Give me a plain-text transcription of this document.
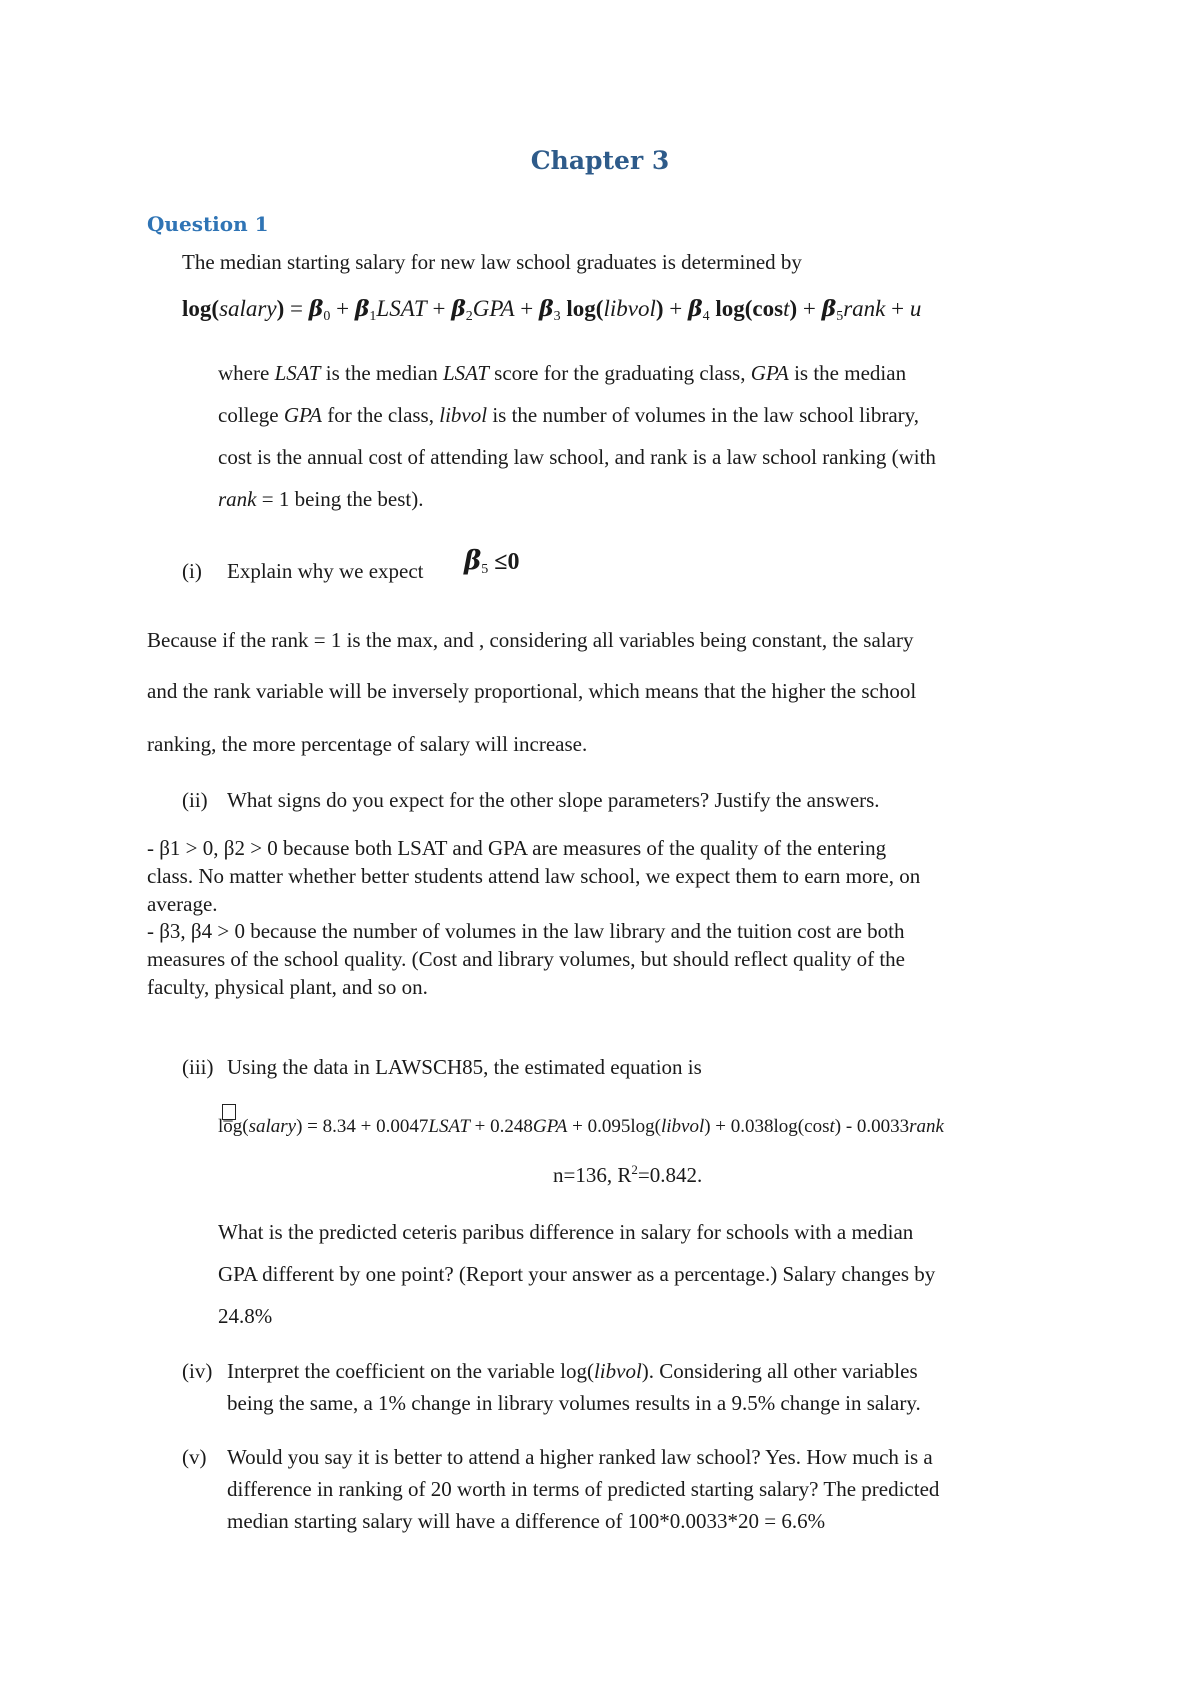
Chapter 3
Question 1
The median starting salary for new law school graduates is determined by
log(salary) = $\beta_0$ + $\beta_1LSAT + \beta_2GPA + \beta_3$ log(libvol) + $\beta_4$ $\log(\cos t) + \beta_5rank + u$
where LSAT is the median LSAT score for the graduating class, GPA is the median
college GPA for the class, libvol is the number of volumes in the law school library,
cost is the annual cost of attending law school, and rank is a law school ranking (with
rank = 1 being the best).
(i) Explain why we expect $\beta_5 \le 0$
Because if the rank = 1 is the max, and , considering all variables being constant, the salary
and the rank variable will be inversely proportional, which means that the higher the school
ranking, the more percentage of salary will increase.
(ii) What signs do you expect for the other slope parameters? Justify the answers.
- β1 > 0, β2 > 0 because both LSAT and GPA are measures of the quality of the entering
class. No matter whether better students attend law school, we expect them to earn more, on
average.
- β3, β4 > 0 because the number of volumes in the law library and the tuition cost are both
measures of the school quality. (Cost and library volumes, but should reflect quality of the
faculty, physical plant, and so on.
(iii) Using the data in LAWSCH85, the estimated equation is
lo̅g(salary) = 8.34 + 0.0047LSAT + 0.248GPA + 0.095log(libvol) + 0.038log(cost) - 0.0033rank
n=136, $R^2=0.842$.
What is the predicted ceteris paribus difference in salary for schools with a median
GPA different by one point? (Report your answer as a percentage.) Salary changes by
24.8%
(iv) Interpret the coefficient on the variable log(libvol). Considering all other variables
being the same, a 1% change in library volumes results in a 9.5% change in salary.
(v) Would you say it is better to attend a higher ranked law school? Yes. How much is a
difference in ranking of 20 worth in terms of predicted starting salary? The predicted
median starting salary will have a difference of 100*0.0033*20 = 6.6%
